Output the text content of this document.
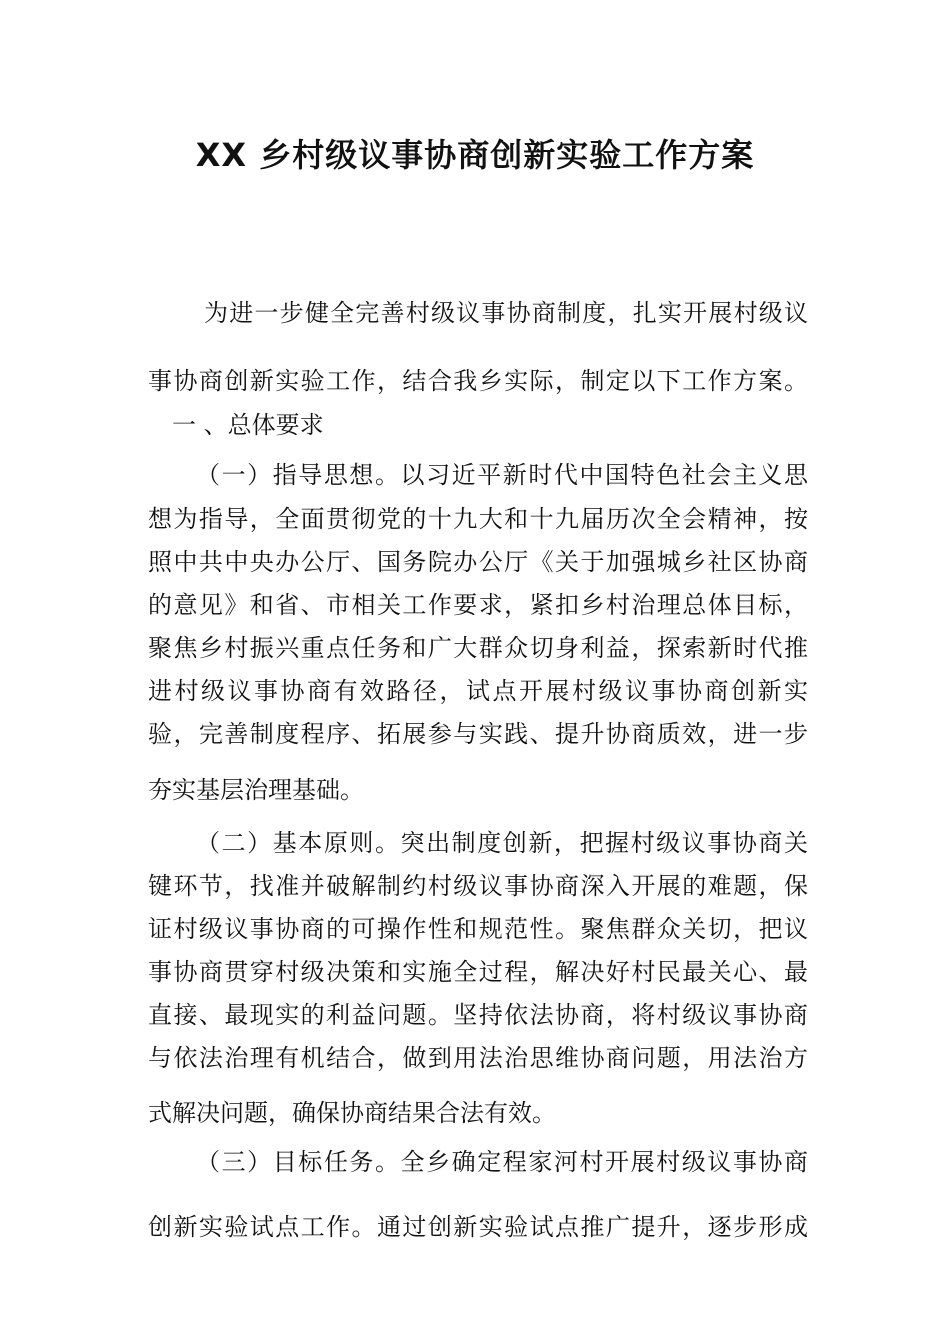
XX 乡村级议事协商创新实验工作方案
为进一步健全完善村级议事协商制度，扎实开展村级议
事协商创新实验工作，结合我乡实际，制定以下工作方案。
一 、总体要求
（一）指导思想。以习近平新时代中国特色社会主义思
想为指导，全面贯彻党的十九大和十九届历次全会精神，按
照中共中央办公厅、国务院办公厅《关于加强城乡社区协商
的意见》和省、市相关工作要求，紧扣乡村治理总体目标，
聚焦乡村振兴重点任务和广大群众切身利益，探索新时代推
进村级议事协商有效路径，试点开展村级议事协商创新实
验，完善制度程序、拓展参与实践、提升协商质效，进一步
夯实基层治理基础。
（二）基本原则。突出制度创新，把握村级议事协商关
键环节，找准并破解制约村级议事协商深入开展的难题，保
证村级议事协商的可操作性和规范性。聚焦群众关切，把议
事协商贯穿村级决策和实施全过程，解决好村民最关心、最
直接、最现实的利益问题。坚持依法协商，将村级议事协商
与依法治理有机结合，做到用法治思维协商问题，用法治方
式解决问题，确保协商结果合法有效。
（三）目标任务。全乡确定程家河村开展村级议事协商
创新实验试点工作。通过创新实验试点推广提升，逐步形成
